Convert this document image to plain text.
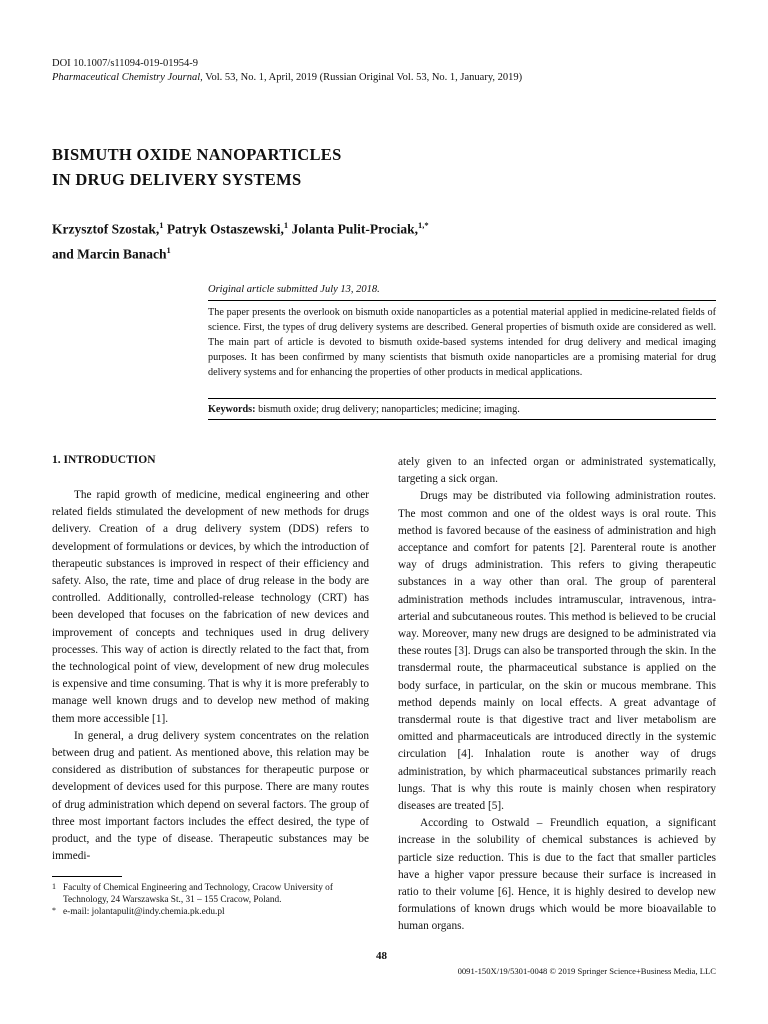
DOI 10.1007/s11094-019-01954-9
Pharmaceutical Chemistry Journal, Vol. 53, No. 1, April, 2019 (Russian Original Vol. 53, No. 1, January, 2019)
BISMUTH OXIDE NANOPARTICLES
IN DRUG DELIVERY SYSTEMS
Krzysztof Szostak,$^1$ Patryk Ostaszewski,$^1$ Jolanta Pulit-Prociak,$^{1,*}$
and Marcin Banach$^1$
Original article submitted July 13, 2018.
The paper presents the overlook on bismuth oxide nanoparticles as a potential material applied in medicine-related fields of science. First, the types of drug delivery systems are described. General properties of bismuth oxide are considered as well. The main part of article is devoted to bismuth oxide-based systems intended for drug delivery and medical imaging purposes. It has been confirmed by many scientists that bismuth oxide nanoparticles are a promising material for drug delivery systems and for enhancing the properties of other products in medical applications.
Keywords: bismuth oxide; drug delivery; nanoparticles; medicine; imaging.
1. INTRODUCTION

The rapid growth of medicine, medical engineering and other related fields stimulated the development of new methods for drugs delivery. Creation of a drug delivery system (DDS) refers to development of formulations or devices, by which the introduction of therapeutic substances is improved in respect of their efficiency and safety. Also, the rate, time and place of drug release in the body are controlled. Additionally, controlled-release technology (CRT) has been developed that focuses on the fabrication of new devices and improvement of concepts and techniques used in drug delivery processes. This way of action is directly related to the fact that, from the technological point of view, development of new drug molecules is expensive and time consuming. That is why it is more preferably to manage well known drugs and to develop new method of making them more accessible [1].

In general, a drug delivery system concentrates on the relation between drug and patient. As mentioned above, this relation may be considered as distribution of substances for therapeutic purpose or development of devices used for this purpose. There are many routes of drug administration which depend on several factors. The group of three most important factors includes the effect desired, the type of product, and the type of disease. Therapeutic substances may be immedi-

ately given to an infected organ or administrated systematically, targeting a sick organ.

Drugs may be distributed via following administration routes. The most common and one of the oldest ways is oral route. This method is favored because of the easiness of administration and high acceptance and comfort for patents [2]. Parenteral route is another way of drugs administration. This refers to giving therapeutic substances in a way other than oral. The group of parenteral administration methods includes intramuscular, intravenous, intra-arterial and subcutaneous routes. This method is believed to be crucial way. Moreover, many new drugs are designed to be administrated via these routes [3]. Drugs can also be transported through the skin. In the transdermal route, the pharmaceutical substance is applied on the body surface, in particular, on the skin or mucous membrane. This method depends mainly on local effects. A great advantage of transdermal route is that digestive tract and liver metabolism are omitted and pharmaceuticals are introduced directly in the systemic circulation [4]. Inhalation route is another way of drugs administration, by which pharmaceutical substances primarily reach lungs. That is why this route is mainly chosen when respiratory diseases are treated [5].

According to Ostwald – Freundlich equation, a significant increase in the solubility of chemical substances is achieved by particle size reduction. This is due to the fact that smaller particles have a higher vapor pressure because their surface is increased in ratio to their volume [6]. Hence, it is highly desired to develop new formulations of known drugs which would be more bioavailable to human organs.

1 Faculty of Chemical Engineering and Technology, Cracow University of Technology, 24 Warszawska St., 31 – 155 Cracow, Poland.
* e-mail: jolantapulit@indy.chemia.pk.edu.pl
48
0091-150X/19/5301-0048 © 2019 Springer Science+Business Media, LLC
